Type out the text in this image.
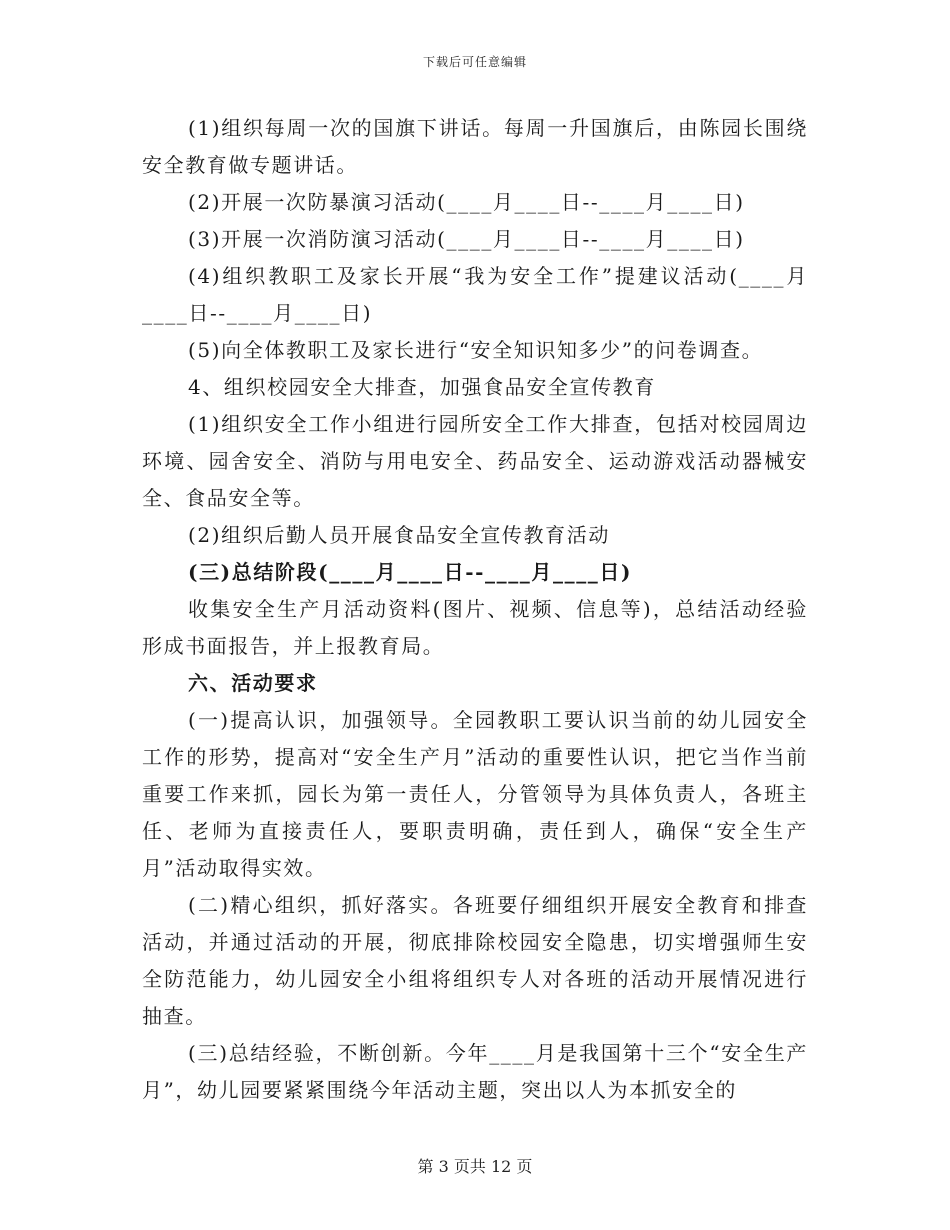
下载后可任意编辑

(1)组织每周一次的国旗下讲话。每周一升国旗后，由陈园长围绕安全教育做专题讲话。

(2)开展一次防暴演习活动(____月____日--____月____日)

(3)开展一次消防演习活动(____月____日--____月____日)

(4)组织教职工及家长开展“我为安全工作”提建议活动(____月____日--____月____日)

(5)向全体教职工及家长进行“安全知识知多少”的问卷调查。

4、组织校园安全大排查，加强食品安全宣传教育

(1)组织安全工作小组进行园所安全工作大排查，包括对校园周边环境、园舍安全、消防与用电安全、药品安全、运动游戏活动器械安全、食品安全等。

(2)组织后勤人员开展食品安全宣传教育活动

(三)总结阶段(____月____日--____月____日)

收集安全生产月活动资料(图片、视频、信息等)，总结活动经验形成书面报告，并上报教育局。

六、活动要求

(一)提高认识，加强领导。全园教职工要认识当前的幼儿园安全工作的形势，提高对“安全生产月”活动的重要性认识，把它当作当前重要工作来抓，园长为第一责任人，分管领导为具体负责人，各班主任、老师为直接责任人，要职责明确，责任到人，确保“安全生产月”活动取得实效。

(二)精心组织，抓好落实。各班要仔细组织开展安全教育和排查活动，并通过活动的开展，彻底排除校园安全隐患，切实增强师生安全防范能力，幼儿园安全小组将组织专人对各班的活动开展情况进行抽查。

(三)总结经验，不断创新。今年____月是我国第十三个“安全生产月”，幼儿园要紧紧围绕今年活动主题，突出以人为本抓安全的

第 3 页共 12 页
